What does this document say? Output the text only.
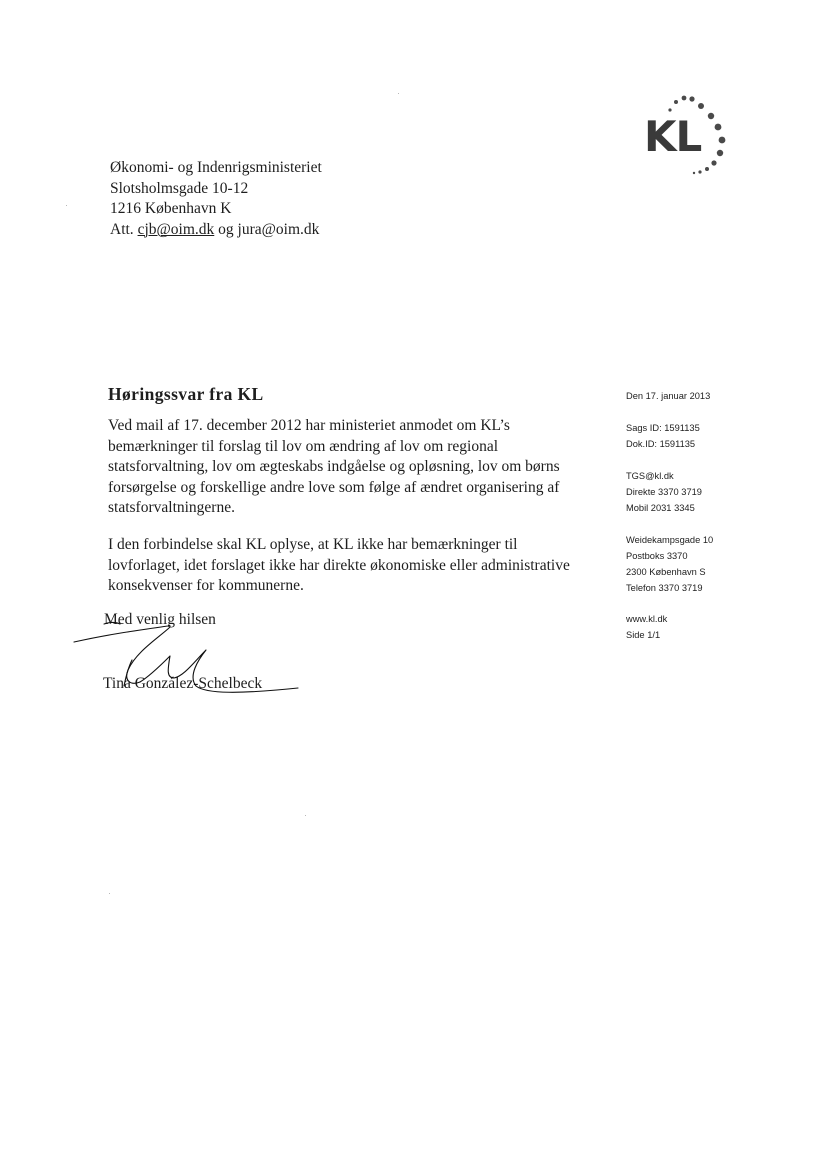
KL
Økonomi- og Indenrigsministeriet
Slotsholmsgade 10-12
1216 København K
Att. cjb@oim.dk og jura@oim.dk
Høringssvar fra KL
Ved mail af 17. december 2012 har ministeriet anmodet om KL’s
bemærkninger til forslag til lov om ændring af lov om regional
statsforvaltning, lov om ægteskabs indgåelse og opløsning, lov om børns
forsørgelse og forskellige andre love som følge af ændret organisering af
statsforvaltningerne.
I den forbindelse skal KL oplyse, at KL ikke har bemærkninger til
lovforlaget, idet forslaget ikke har direkte økonomiske eller administrative
konsekvenser for kommunerne.
Med venlig hilsen
Tina González-Schelbeck
Den 17. januar 2013
Sags ID: 1591135
Dok.ID: 1591135
TGS@kl.dk
Direkte 3370 3719
Mobil 2031 3345
Weidekampsgade 10
Postboks 3370
2300 København S
Telefon 3370 3719
www.kl.dk
Side 1/1
